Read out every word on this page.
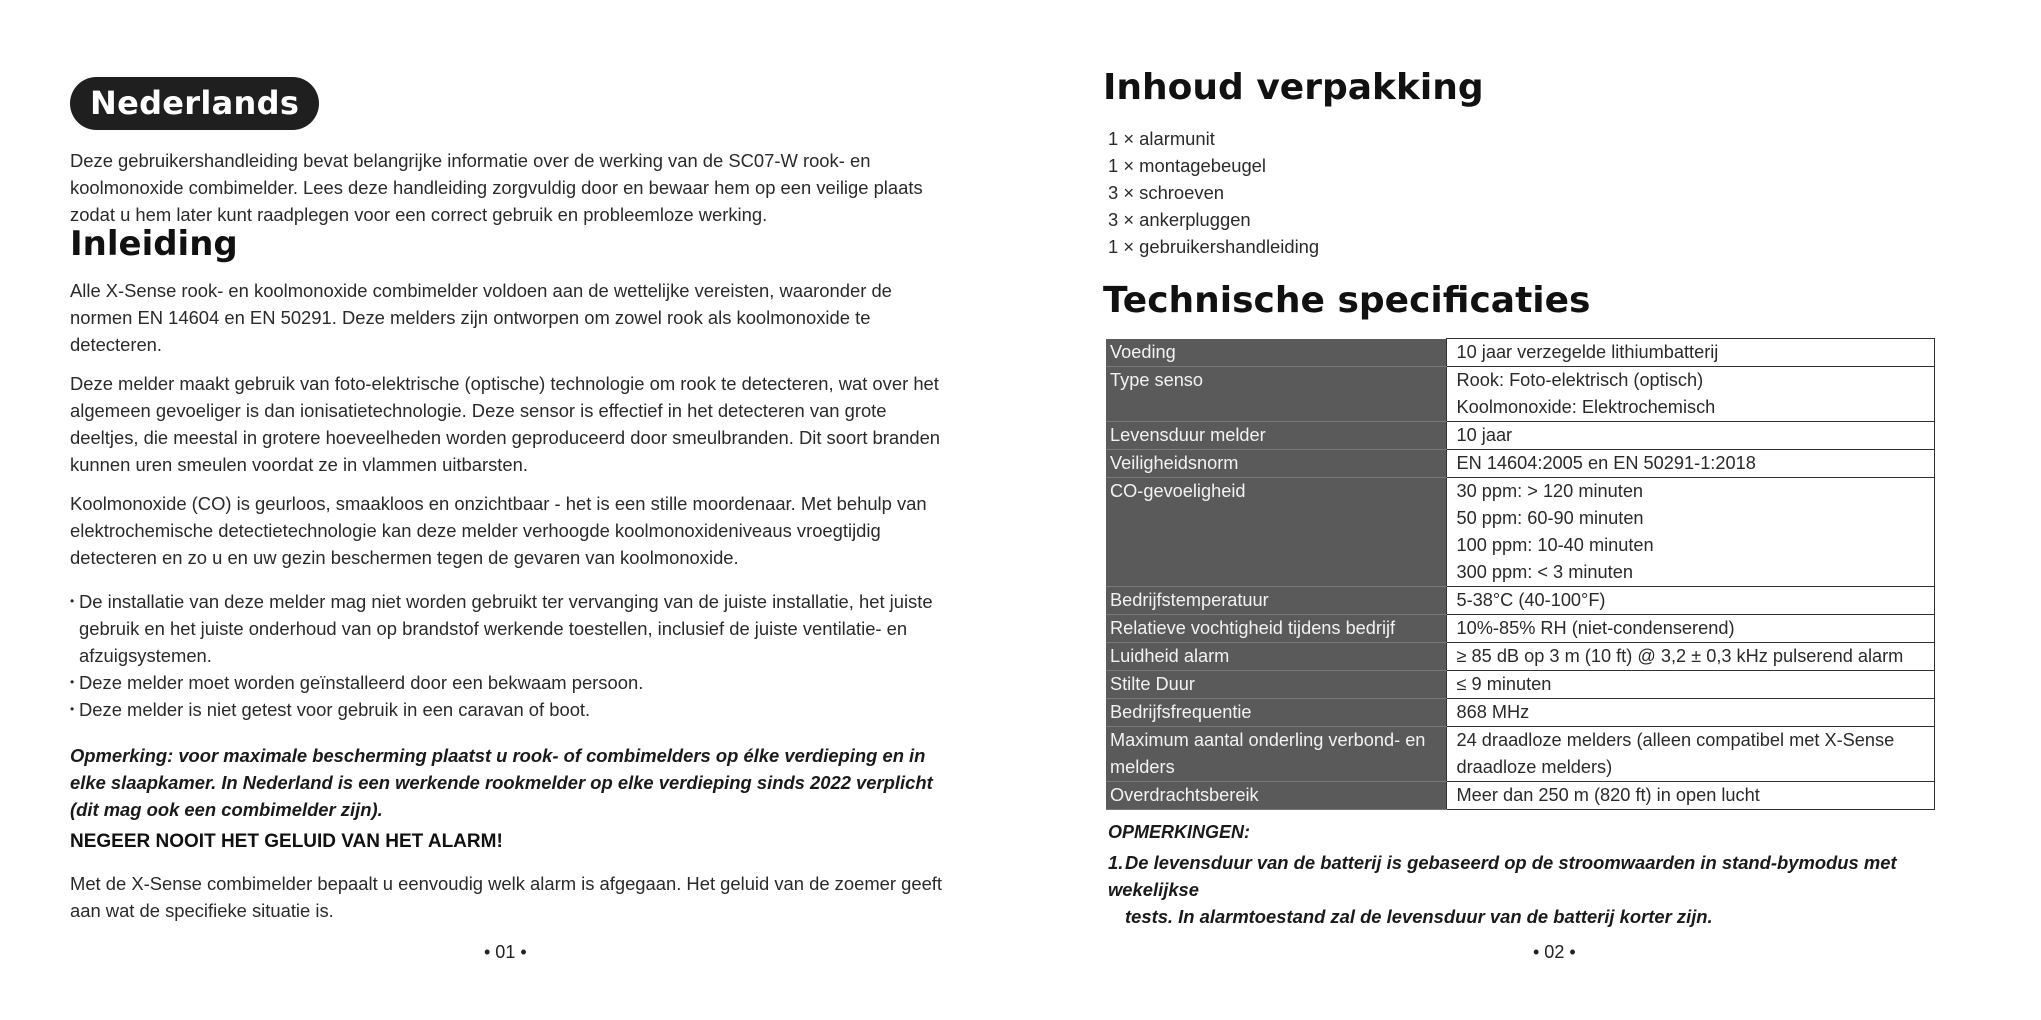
Nederlands

Deze gebruikershandleiding bevat belangrijke informatie over de werking van de SC07-W rook- en koolmonoxide combimelder. Lees deze handleiding zorgvuldig door en bewaar hem op een veilige plaats zodat u hem later kunt raadplegen voor een correct gebruik en probleemloze werking.

Inleiding

Alle X-Sense rook- en koolmonoxide combimelder voldoen aan de wettelijke vereisten, waaronder de normen EN 14604 en EN 50291. Deze melders zijn ontworpen om zowel rook als koolmonoxide te detecteren.

Deze melder maakt gebruik van foto-elektrische (optische) technologie om rook te detecteren, wat over het algemeen gevoeliger is dan ionisatietechnologie. Deze sensor is effectief in het detecteren van grote deeltjes, die meestal in grotere hoeveelheden worden geproduceerd door smeulbranden. Dit soort branden kunnen uren smeulen voordat ze in vlammen uitbarsten.

Koolmonoxide (CO) is geurloos, smaakloos en onzichtbaar - het is een stille moordenaar. Met behulp van elektrochemische detectietechnologie kan deze melder verhoogde koolmonoxideniveaus vroegtijdig detecteren en zo u en uw gezin beschermen tegen de gevaren van koolmonoxide.

• De installatie van deze melder mag niet worden gebruikt ter vervanging van de juiste installatie, het juiste gebruik en het juiste onderhoud van op brandstof werkende toestellen, inclusief de juiste ventilatie- en afzuigsystemen.
• Deze melder moet worden geïnstalleerd door een bekwaam persoon.
• Deze melder is niet getest voor gebruik in een caravan of boot.

Opmerking: voor maximale bescherming plaatst u rook- of combimelders op élke verdieping en in elke slaapkamer. In Nederland is een werkende rookmelder op elke verdieping sinds 2022 verplicht (dit mag ook een combimelder zijn).

NEGEER NOOIT HET GELUID VAN HET ALARM!

Met de X-Sense combimelder bepaalt u eenvoudig welk alarm is afgegaan. Het geluid van de zoemer geeft aan wat de specifieke situatie is.

• 01 •
Inhoud verpakking
1 × alarmunit
1 × montagebeugel
3 × schroeven
3 × ankerpluggen
1 × gebruikershandleiding
Technische specificaties
Voeding	10 jaar verzegelde lithiumbatterij

Type senso	Rook: Foto-elektrisch (optisch)
Koolmonoxide: Elektrochemisch

Levensduur melder	10 jaar

Veiligheidsnorm	EN 14604:2005 en EN 50291-1:2018

CO-gevoeligheid	30 ppm: > 120 minuten
50 ppm: 60-90 minuten
100 ppm: 10-40 minuten
300 ppm: < 3 minuten

Bedrijfstemperatuur	5-38°C (40-100°F)

Relatieve vochtigheid tijdens bedrijf	10%-85% RH (niet-condenserend)

Luidheid alarm	≥ 85 dB op 3 m (10 ft) @ 3,2 ± 0,3 kHz pulserend alarm

Stilte Duur	≤ 9 minuten

Bedrijfsfrequentie	868 MHz

Maximum aantal onderling verbond- en melders	24 draadloze melders (alleen compatibel met X-Sense draadloze melders)

Overdrachtsbereik	Meer dan 250 m (820 ft) in open lucht

OPMERKINGEN:

1.De levensduur van de batterij is gebaseerd op de stroomwaarden in stand-bymodus met wekelijkse
tests. In alarmtoestand zal de levensduur van de batterij korter zijn.
• 02 •
